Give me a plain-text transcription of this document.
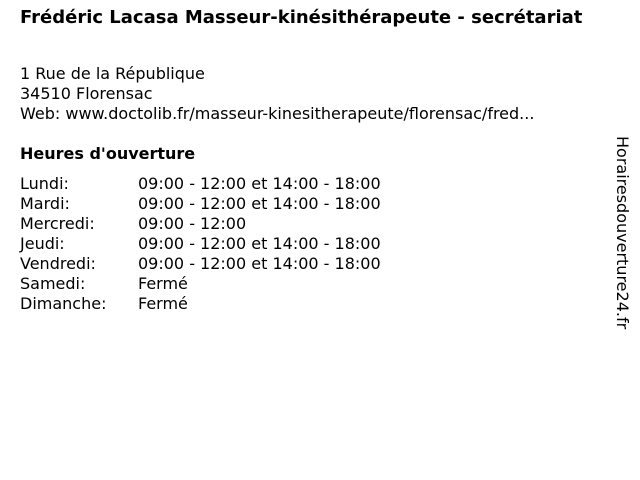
Frédéric Lacasa Masseur-kinésithérapeute - secrétariat
1 Rue de la République
34510 Florensac
Web: www.doctolib.fr/masseur-kinesitherapeute/florensac/fred...
Heures d'ouverture
Lundi:	09:00 - 12:00 et 14:00 - 18:00
Mardi:	09:00 - 12:00 et 14:00 - 18:00
Mercredi:	09:00 - 12:00
Jeudi:	09:00 - 12:00 et 14:00 - 18:00
Vendredi:	09:00 - 12:00 et 14:00 - 18:00
Samedi:	Fermé
Dimanche: Fermé	Horairesdouverture24.fr
